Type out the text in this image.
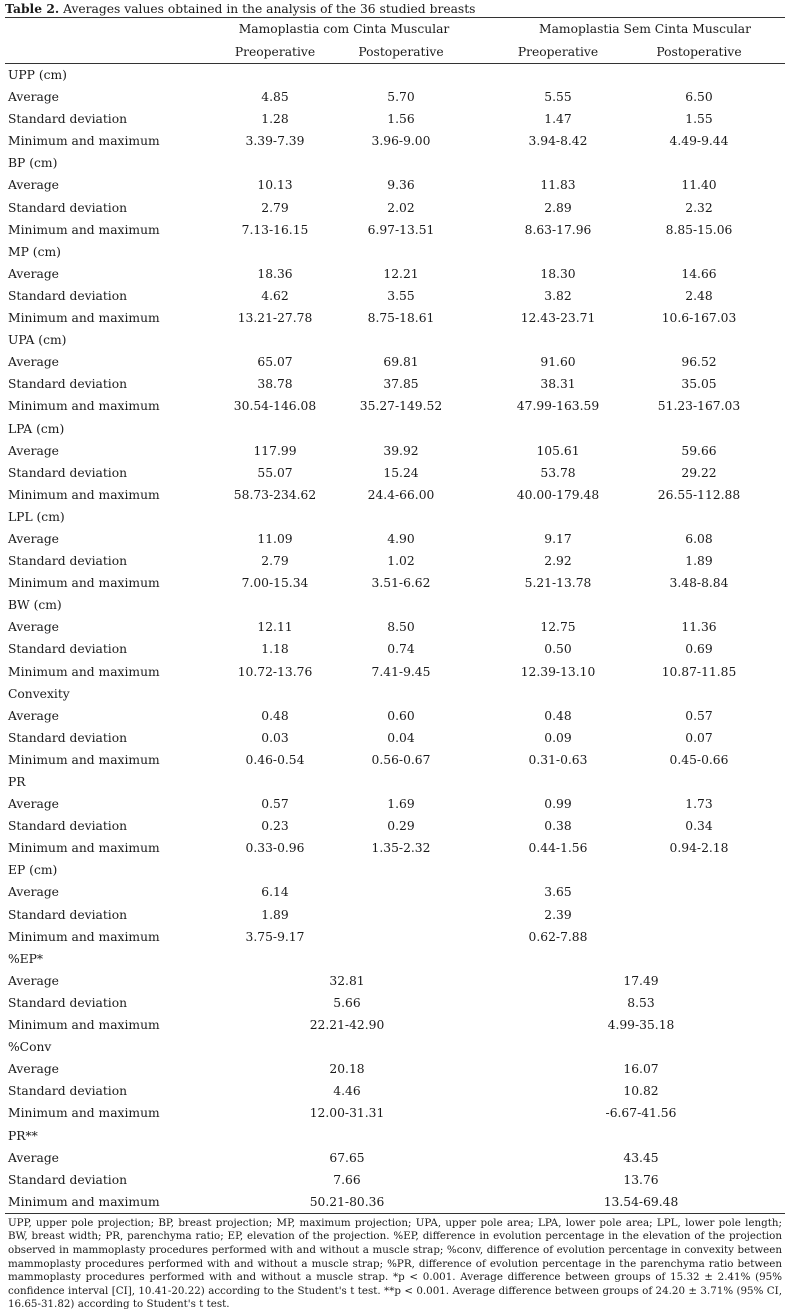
Table 2. Averages values obtained in the analysis of the 36 studied breasts
Mamoplastia com Cinta Muscular	Mamoplastia Sem Cinta Muscular
Preoperative	Postoperative	Preoperative	Postoperative
UPP (cm)
Average	4.85	5.70	5.55	6.50
Standard deviation	1.28	1.56	1.47	1.55
Minimum and maximum	3.39-7.39	3.96-9.00	3.94-8.42	4.49-9.44
BP (cm)
Average	10.13	9.36	11.83	11.40
Standard deviation	2.79	2.02	2.89	2.32
Minimum and maximum	7.13-16.15	6.97-13.51	8.63-17.96	8.85-15.06
MP (cm)
Average	18.36	12.21	18.30	14.66
Standard deviation	4.62	3.55	3.82	2.48
Minimum and maximum	13.21-27.78	8.75-18.61	12.43-23.71	10.6-167.03
UPA (cm)
Average	65.07	69.81	91.60	96.52
Standard deviation	38.78	37.85	38.31	35.05
Minimum and maximum	30.54-146.08	35.27-149.52	47.99-163.59	51.23-167.03
LPA (cm)
Average	117.99	39.92	105.61	59.66
Standard deviation	55.07	15.24	53.78	29.22
Minimum and maximum	58.73-234.62	24.4-66.00	40.00-179.48	26.55-112.88
LPL (cm)
Average	11.09	4.90	9.17	6.08
Standard deviation	2.79	1.02	2.92	1.89
Minimum and maximum	7.00-15.34	3.51-6.62	5.21-13.78	3.48-8.84
BW (cm)
Average	12.11	8.50	12.75	11.36
Standard deviation	1.18	0.74	0.50	0.69
Minimum and maximum	10.72-13.76	7.41-9.45	12.39-13.10	10.87-11.85
Convexity
Average	0.48	0.60	0.48	0.57
Standard deviation	0.03	0.04	0.09	0.07
Minimum and maximum	0.46-0.54	0.56-0.67	0.31-0.63	0.45-0.66
PR
Average	0.57	1.69	0.99	1.73
Standard deviation	0.23	0.29	0.38	0.34
Minimum and maximum	0.33-0.96	1.35-2.32	0.44-1.56	0.94-2.18
EP (cm)
Average	6.14	3.65
Standard deviation	1.89	2.39
Minimum and maximum	3.75-9.17	0.62-7.88
%EP*
Average	32.81	17.49
Standard deviation	5.66	8.53
Minimum and maximum	22.21-42.90	4.99-35.18
%Conv
Average	20.18	16.07
Standard deviation	4.46	10.82
Minimum and maximum	12.00-31.31	-6.67-41.56
PR**
Average	67.65	43.45
Standard deviation	7.66	13.76
Minimum and maximum	50.21-80.36	13.54-69.48
UPP, upper pole projection; BP, breast projection; MP, maximum projection; UPA, upper pole area; LPA, lower pole area; LPL, lower pole length; BW, breast width; PR, parenchyma ratio; EP, elevation of the projection. %EP, difference in evolution percentage in the elevation of the projection observed in mammoplasty procedures performed with and without a muscle strap; %conv, difference of evolution percentage in convexity between mammoplasty procedures performed with and without a muscle strap; %PR, difference of evolution percentage in the parenchyma ratio between mammoplasty procedures performed with and without a muscle strap. *p < 0.001. Average difference between groups of 15.32 ± 2.41% (95% confidence interval [CI], 10.41-20.22) according to the Student's t test. **p < 0.001. Average difference between groups of 24.20 ± 3.71% (95% CI, 16.65-31.82) according to Student's t test.
